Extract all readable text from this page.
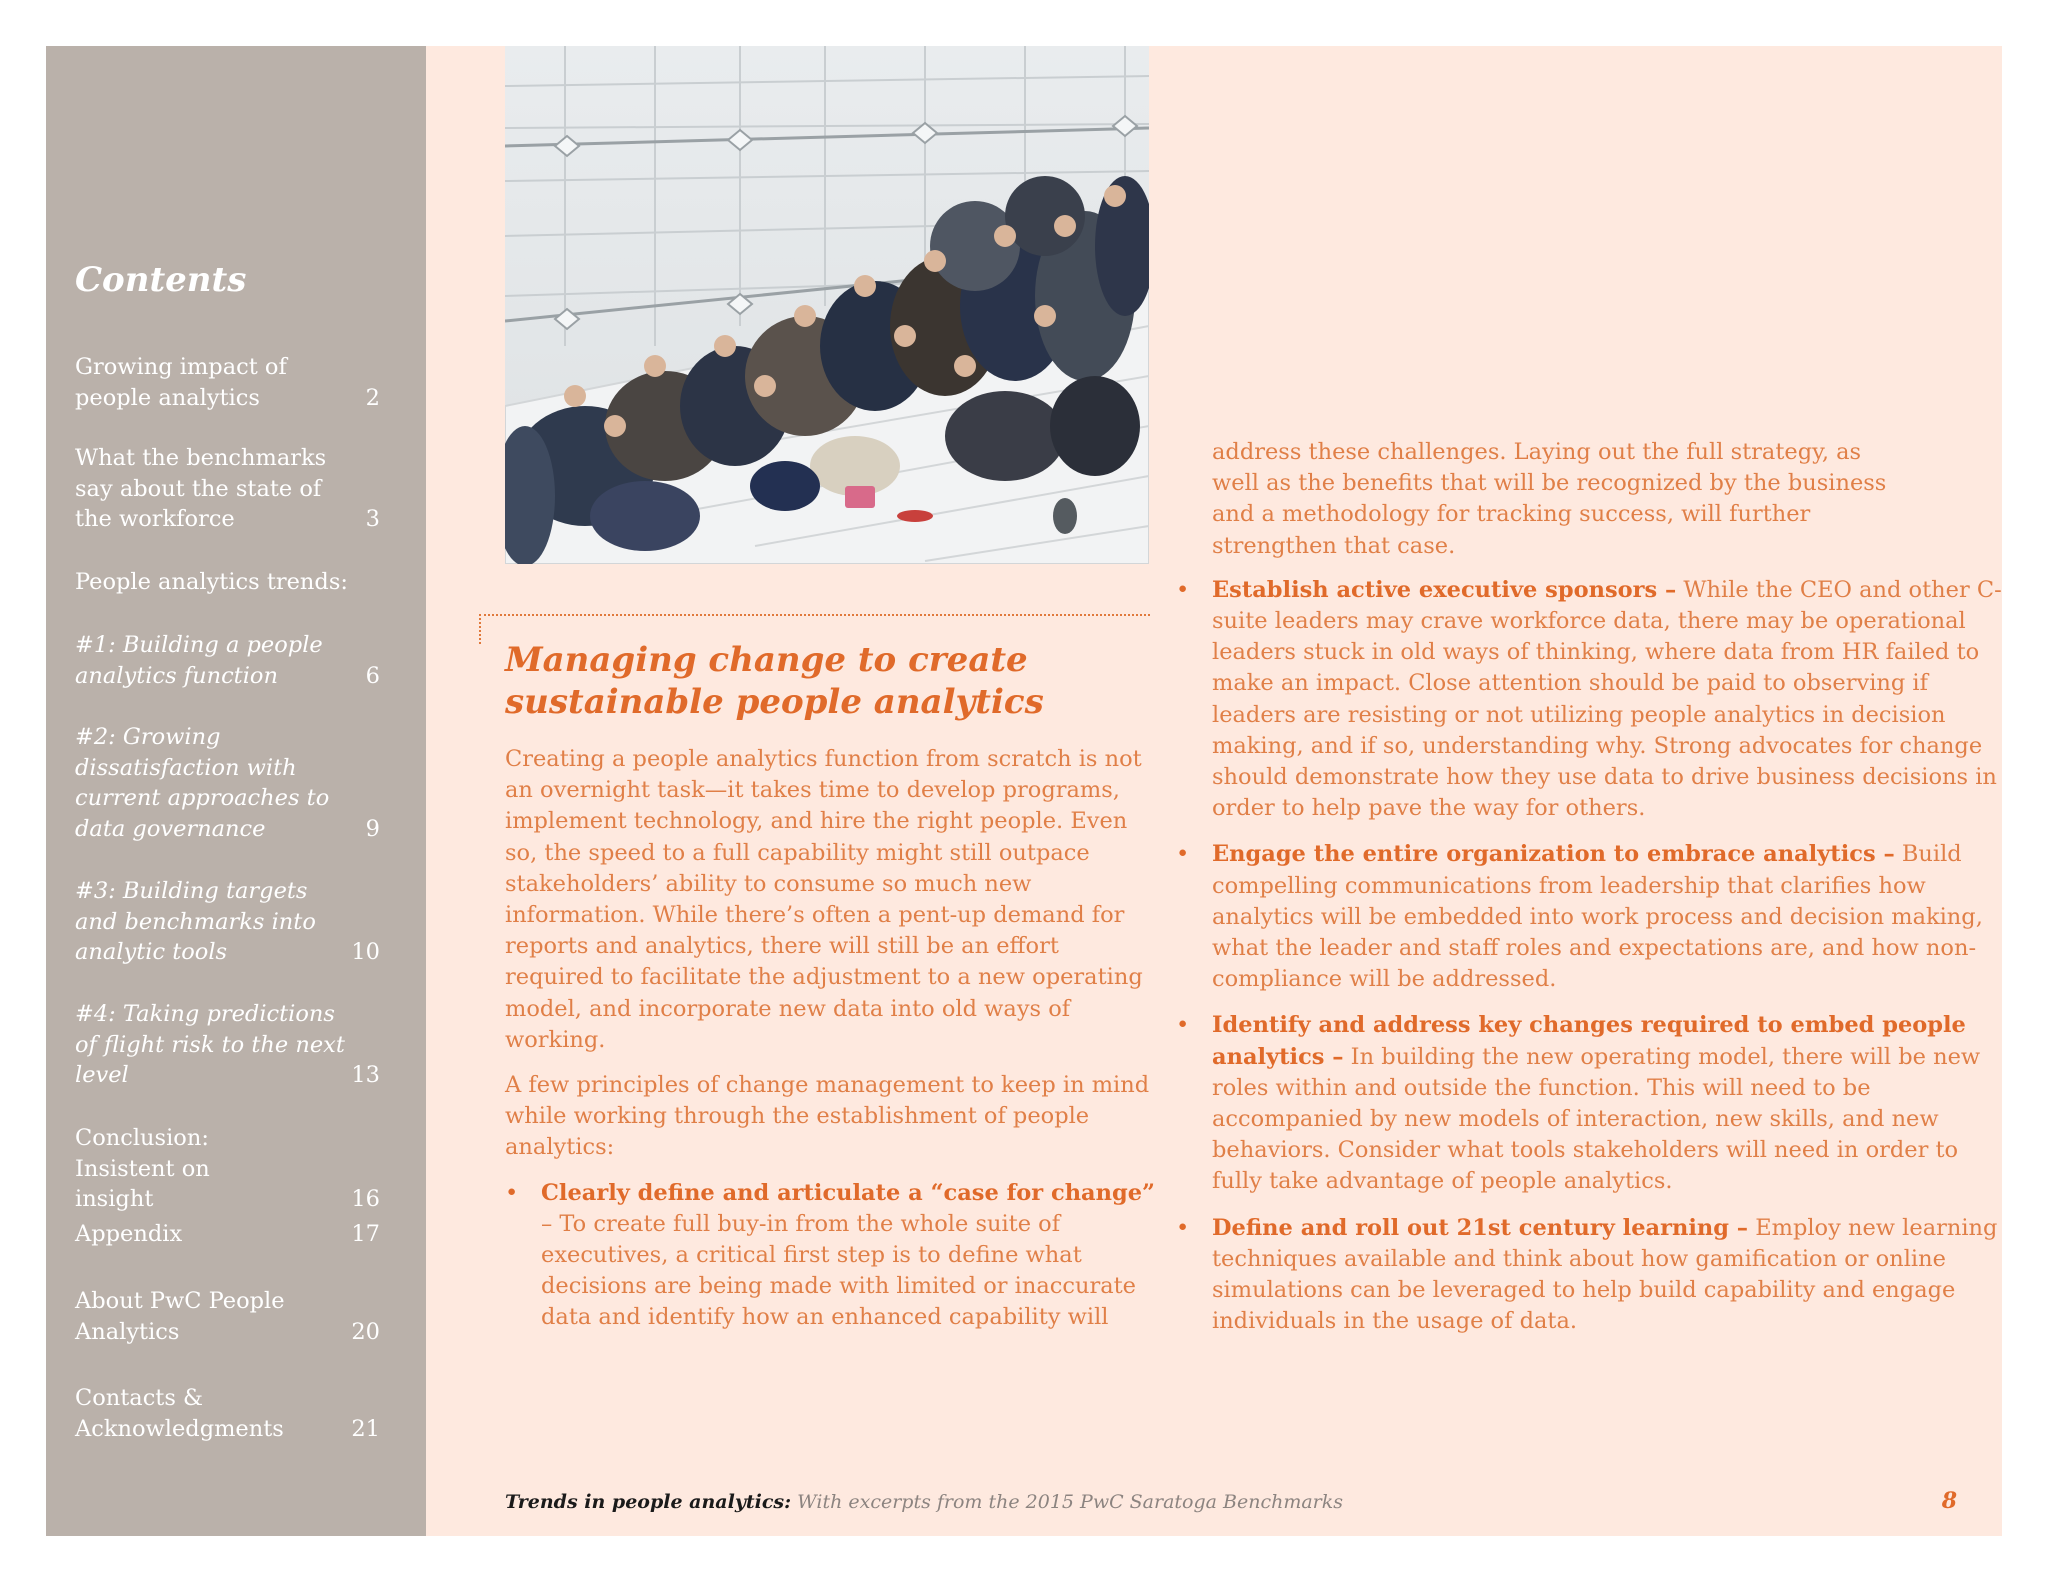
Contents
Growing impact of people analytics	2
What the benchmarks say about the state of the workforce	3
People analytics trends:
#1: Building a people analytics function	6
#2: Growing dissatisfaction with current approaches to data governance	9
#3: Building targets and benchmarks into analytic tools	10
#4: Taking predictions of flight risk to the next level	13
Conclusion: Insistent on insight	16
Appendix	17
About PwC People Analytics	20
Contacts & Acknowledgments	21
Managing change to create sustainable people analytics

Creating a people analytics function from scratch is not an overnight task—it takes time to develop programs, implement technology, and hire the right people. Even so, the speed to a full capability might still outpace stakeholders’ ability to consume so much new information. While there’s often a pent-up demand for reports and analytics, there will still be an effort required to facilitate the adjustment to a new operating model, and incorporate new data into old ways of working.

A few principles of change management to keep in mind while working through the establishment of people analytics:

• Clearly define and articulate a “case for change”
– To create full buy-in from the whole suite of executives, a critical first step is to define what decisions are being made with limited or inaccurate data and identify how an enhanced capability will

address these challenges. Laying out the full strategy, as well as the benefits that will be recognized by the business and a methodology for tracking success, will further strengthen that case.

• Establish active executive sponsors – While the CEO and other C-suite leaders may crave workforce data, there may be operational leaders stuck in old ways of thinking, where data from HR failed to make an impact. Close attention should be paid to observing if leaders are resisting or not utilizing people analytics in decision making, and if so, understanding why. Strong advocates for change should demonstrate how they use data to drive business decisions in order to help pave the way for others.
• Engage the entire organization to embrace analytics – Build compelling communications from leadership that clarifies how analytics will be embedded into work process and decision making, what the leader and staff roles and expectations are, and how non-compliance will be addressed.
• Identify and address key changes required to embed people analytics – In building the new operating model, there will be new roles within and outside the function. This will need to be accompanied by new models of interaction, new skills, and new behaviors. Consider what tools stakeholders will need in order to fully take advantage of people analytics.
• Define and roll out 21st century learning – Employ new learning techniques available and think about how gamification or online simulations can be leveraged to help build capability and engage individuals in the usage of data.
Trends in people analytics: With excerpts from the 2015 PwC Saratoga Benchmarks	8
